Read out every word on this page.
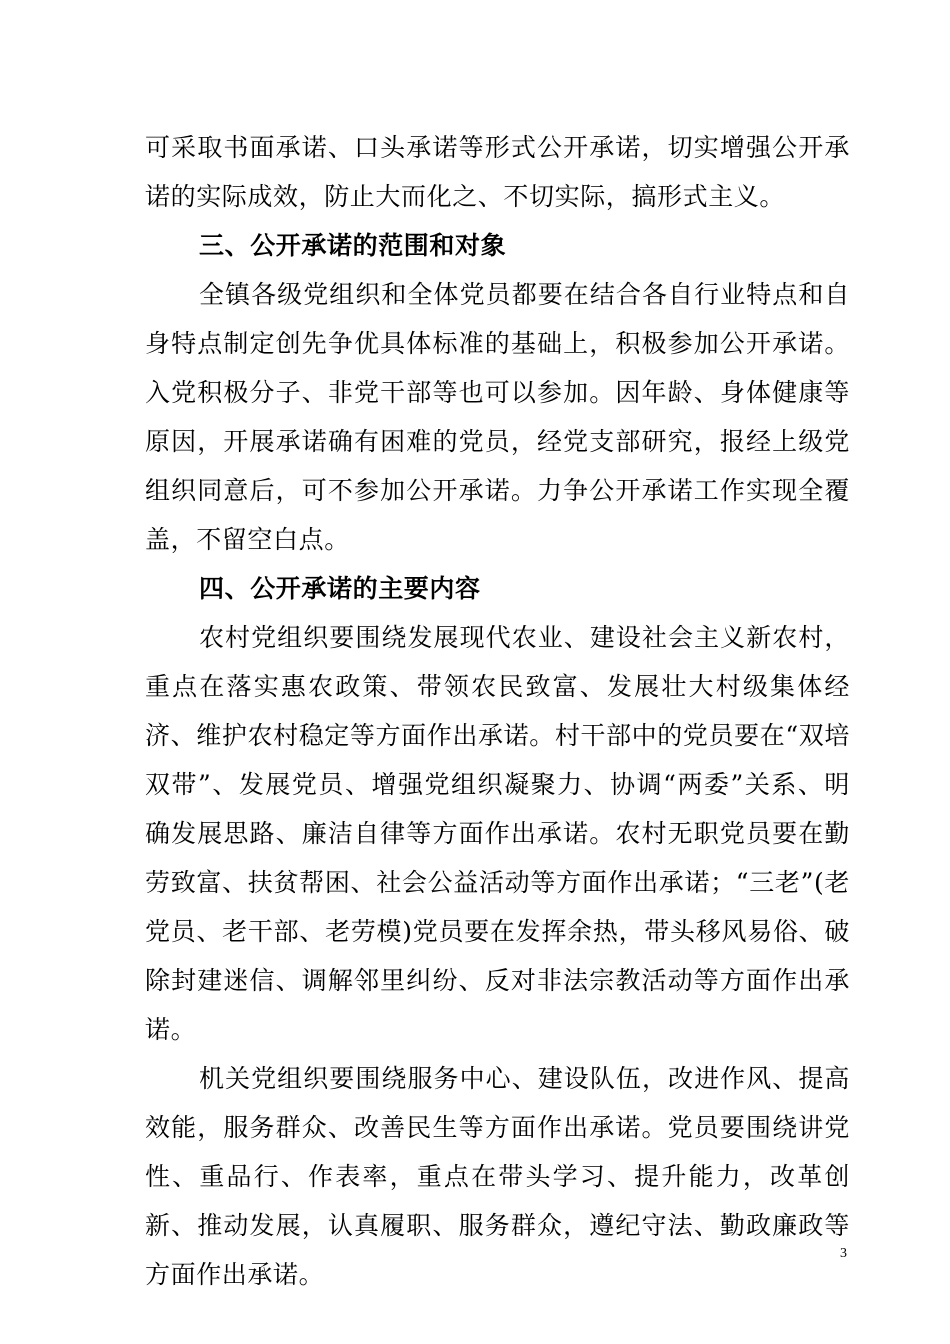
可采取书面承诺、口头承诺等形式公开承诺，切实增强公开承诺的实际成效，防止大而化之、不切实际，搞形式主义。

三、公开承诺的范围和对象

全镇各级党组织和全体党员都要在结合各自行业特点和自身特点制定创先争优具体标准的基础上，积极参加公开承诺。入党积极分子、非党干部等也可以参加。因年龄、身体健康等原因，开展承诺确有困难的党员，经党支部研究，报经上级党组织同意后，可不参加公开承诺。力争公开承诺工作实现全覆盖，不留空白点。

四、公开承诺的主要内容

农村党组织要围绕发展现代农业、建设社会主义新农村，重点在落实惠农政策、带领农民致富、发展壮大村级集体经济、维护农村稳定等方面作出承诺。村干部中的党员要在“双培双带”、发展党员、增强党组织凝聚力、协调“两委”关系、明确发展思路、廉洁自律等方面作出承诺。农村无职党员要在勤劳致富、扶贫帮困、社会公益活动等方面作出承诺；“三老”(老党员、老干部、老劳模)党员要在发挥余热，带头移风易俗、破除封建迷信、调解邻里纠纷、反对非法宗教活动等方面作出承诺。

机关党组织要围绕服务中心、建设队伍，改进作风、提高效能，服务群众、改善民生等方面作出承诺。党员要围绕讲党性、重品行、作表率，重点在带头学习、提升能力，改革创新、推动发展，认真履职、服务群众，遵纪守法、勤政廉政等方面作出承诺。

3
